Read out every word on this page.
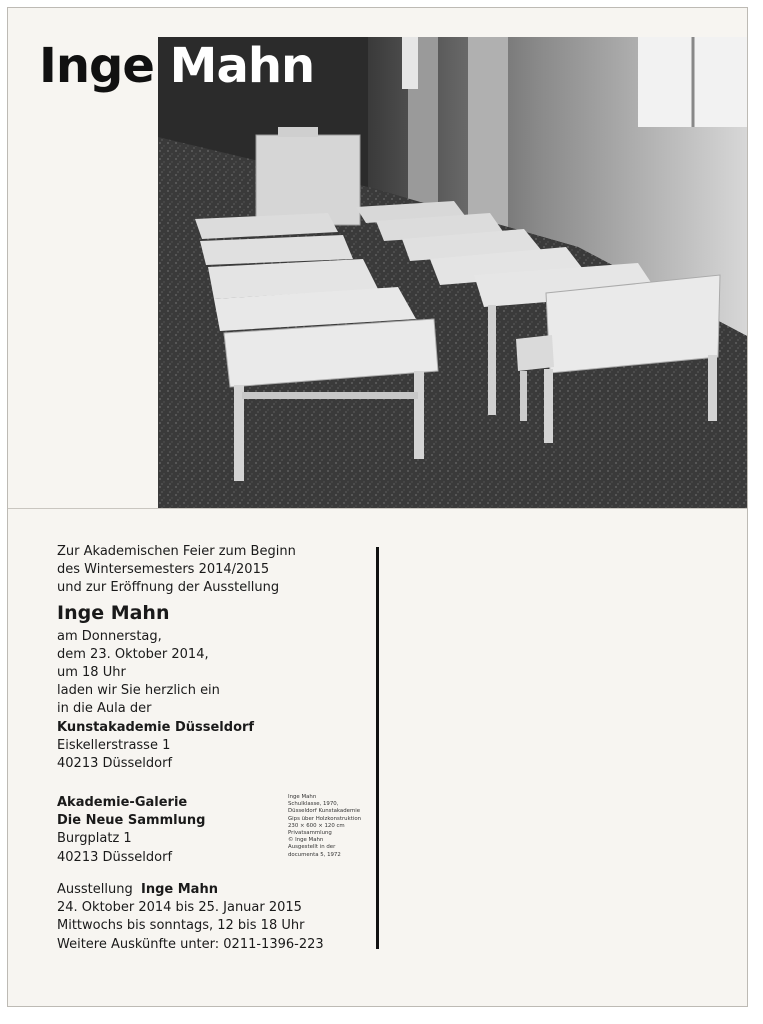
Inge Mahn
Zur Akademischen Feier zum Beginn
des Wintersemesters 2014/2015
und zur Eröffnung der Ausstellung
Inge Mahn
am Donnerstag,
dem 23. Oktober 2014,
um 18 Uhr
laden wir Sie herzlich ein
in die Aula der
Kunstakademie Düsseldorf
Eiskellerstrasse 1
40213 Düsseldorf
Akademie-Galerie
Die Neue Sammlung
Burgplatz 1
40213 Düsseldorf
Ausstellung Inge Mahn
24. Oktober 2014 bis 25. Januar 2015
Mittwochs bis sonntags, 12 bis 18 Uhr
Weitere Auskünfte unter: 0211-1396-223
Inge Mahn
Schulklasse, 1970,
Düsseldorf Kunstakademie
Gips über Holzkonstruktion
230 × 600 × 120 cm
Privatsammlung
© Inge Mahn
Ausgestellt in der
documenta 5, 1972
